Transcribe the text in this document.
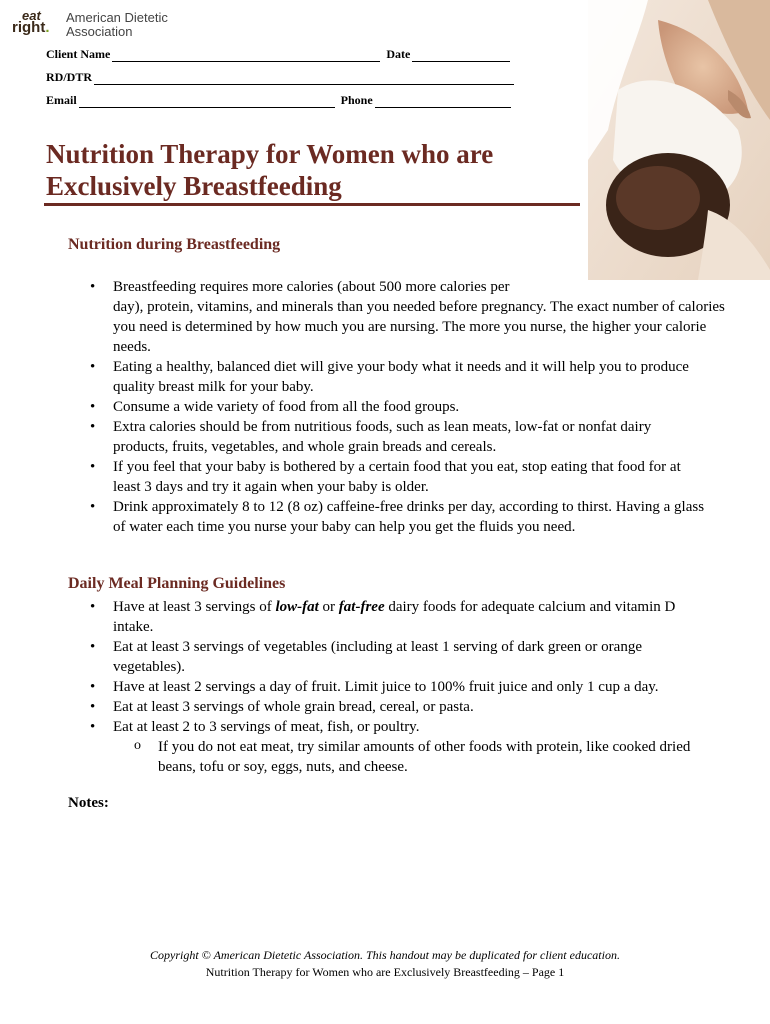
eat
right.
American Dietetic
Association
Client Name	Date
RD/DTR
Email	Phone
Nutrition Therapy for Women who are
Exclusively Breastfeeding
Nutrition during Breastfeeding
• Breastfeeding requires more calories (about 500 more calories per
day), protein, vitamins, and minerals than you needed before pregnancy. The exact number of calories you need is determined by how much you are nursing. The more you nurse, the higher your calorie needs.
• Eating a healthy, balanced diet will give your body what it needs and it will help you to produce quality breast milk for your baby.
• Consume a wide variety of food from all the food groups.
• Extra calories should be from nutritious foods, such as lean meats, low-fat or nonfat dairy products, fruits, vegetables, and whole grain breads and cereals.
• If you feel that your baby is bothered by a certain food that you eat, stop eating that food for at least 3 days and try it again when your baby is older.
• Drink approximately 8 to 12 (8 oz) caffeine-free drinks per day, according to thirst. Having a glass of water each time you nurse your baby can help you get the fluids you need.
Daily Meal Planning Guidelines
• Have at least 3 servings of low-fat or fat-free dairy foods for adequate calcium and vitamin D intake.
• Eat at least 3 servings of vegetables (including at least 1 serving of dark green or orange vegetables).
• Have at least 2 servings a day of fruit. Limit juice to 100% fruit juice and only 1 cup a day.
• Eat at least 3 servings of whole grain bread, cereal, or pasta.
• Eat at least 2 to 3 servings of meat, fish, or poultry.
o If you do not eat meat, try similar amounts of other foods with protein, like cooked dried beans, tofu or soy, eggs, nuts, and cheese.
Notes:
Copyright © American Dietetic Association. This handout may be duplicated for client education.
Nutrition Therapy for Women who are Exclusively Breastfeeding – Page 1
